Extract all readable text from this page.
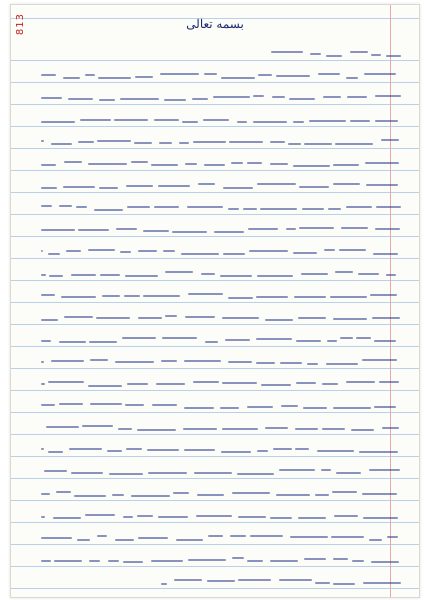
813	بسمه تعالی
